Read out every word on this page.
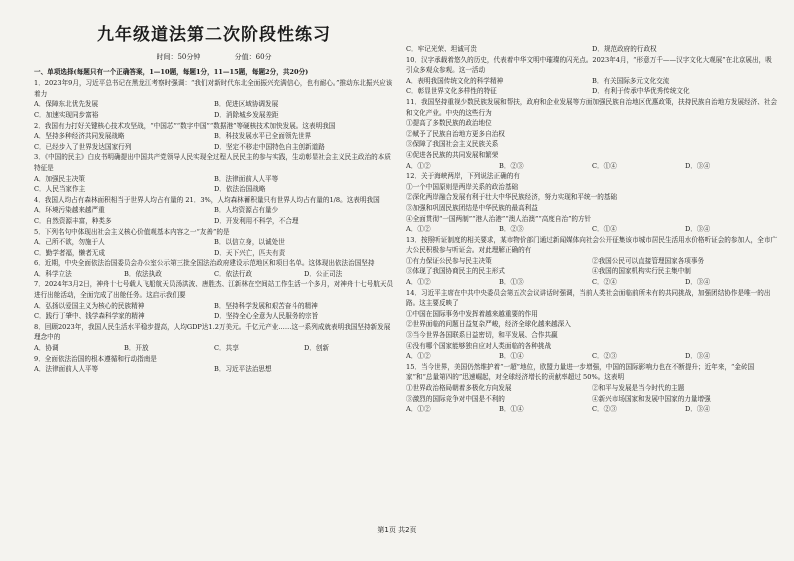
九年级道法第二次阶段性练习
时间：50分钟	分值：60分
一、单项选择(每题只有一个正确答案，1—10题，每题1分，11—15题，每题2分，共20分)
1．2023年9月，习近平总书记在黑龙江考察时强调：“我们对新时代东北全面振兴充满信心，也有耐心。”推动东北振兴应该着力
A．保障东北优先发展	B．促进区域协调发展
C．加速实现同步富裕	D．消除城乡发展差距
2．我国有力打好关键核心技术攻坚战，“中国芯”“数字中国”“数据港”等硬核技术加快发展。这表明我国
A．坚持多种经济共同发展战略	B．科技发展水平已全面领先世界
C．已经步入了世界发达国家行列	D．坚定不移走中国特色自主创新道路
3．《中国的民主》白皮书明确提出中国共产党领导人民实现全过程人民民主的参与实践，生动彰显社会主义民主政治的本质特征是
A．加强民主决策	B．法律面前人人平等
C．人民当家作主	D．依法治国战略
4．我国人均占有森林面积相当于世界人均占有量的 21．3%，人均森林蓄积量只有世界人均占有量的1/8。这表明我国
A．环境污染越来越严重	B．人均资源占有量少
C．自然资源丰富，种类多	D．开发利用不科学，不合理
5．下列名句中体现出社会主义核心价值观基本内容之一“友善”的是
A．己所不欲，勿施于人	B．以信立身，以诚处世
C．勤学者福，懒者无成	D．天下兴亡，匹夫有责
6．近期，中央全面依法治国委员会办公室公示第三批全国法治政府建设示范地区和项目名单。这体现出依法治国坚持
A．科学立法	B．依法执政	C．依法行政	D．公正司法
7．2024年3月2日，神舟十七号载人飞船航天员汤洪波、唐胜杰、江新林在空间站工作生活一个多月，对神舟十七号航天员进行出舱活动，全面完成了出舱任务。这启示我们要
A．弘扬以爱国主义为核心的民族精神	B．坚持科学发展和艰苦奋斗的精神
C．践行丁肇中、钱学森科学家的精神	D．坚持全心全意为人民服务的宗旨
8．回顾2023年，我国人民生活水平稳步提高，人均GDP达1.2万美元。千亿元产业……这一系列成就表明我国坚持新发展理念中的
A．协调	B．开放	C．共享	D．创新
9．全面依法治国的根本遵循和行动指南是
A．法律面前人人平等	B．习近平法治思想
C．牢记光荣、坦诚可贵	D．规范政府的行政权
10．汉字承载着悠久的历史，代表着中华文明中璀璨的闪光点。2023年4月，“形意万千——汉字文化大观展”在北京展出，吸引众多观众参观。这一活动
A．表明我国传统文化的科学精神	B．有关国际多元文化交流
C．彰显世界文化多样性的特征	D．有利于传承中华优秀传统文化
11．我国坚持重视少数民族发展和帮扶，政府和企业发展等方面加强民族自治地区优惠政策，扶持民族自治地方发展经济、社会和文化产业。中央的这些行为
①提高了多数民族的政治地位
②赋予了民族自治地方更多自治权
③保障了我国社会主义民族关系
④促进各民族的共同发展和繁荣
A．①②	B．②③	C．①④	D．③④
12．关于海峡两岸，下列说法正确的有
①一个中国原则是两岸关系的政治基础
②深化两岸融合发展有利于壮大中华民族经济，努力实现和平统一的基础
③加强和巩固民族团结是中华民族的最高利益
④全面贯彻“一国两制”“港人治港”“澳人治澳”“高度自治”的方针
A．①②	B．②③	C．①④	D．③④
13．按照听证制度的相关要求，某市物价部门通过新闻媒体向社会公开征集该市城市居民生活用水价格听证会的参加人，全市广大公民积极参与听证会。对此理解正确的有
①有力保证公民参与民主决策	②我国公民可以直接管理国家各项事务
③体现了我国协商民主的民主形式	④我国的国家机构实行民主集中制
A．①②	B．①③	C．②④	D．③④
14．习近平主席在中共中央委员会第五次会议讲话时强调，当前人类社会面临前所未有的共同挑战，加强团结协作是唯一的出路。这主要反映了
①中国在国际事务中发挥着越来越重要的作用
②世界面临的问题日益复杂严峻，经济全球化越来越深入
③当今世界各国联系日益密切，和平发展、合作共赢
④没有哪个国家能够独自应对人类面临的各种挑战
A．①②	B．①④	C．②③	D．③④
15．当今世界，美国仍然维护着“一超”地位，欧盟力量进一步增强，中国的国际影响力也在不断提升；近年来，“金砖国家”和“总量第四的”迅速崛起，对全球经济增长的贡献率超过 50%。这表明
①世界政治格局朝着多极化方向发展	②和平与发展是当今时代的主题
③激烈的国际竞争对中国是不利的	④新兴市场国家和发展中国家的力量增强
A．①②	B．①④	C．②③	D．③④
第1页 共2页
